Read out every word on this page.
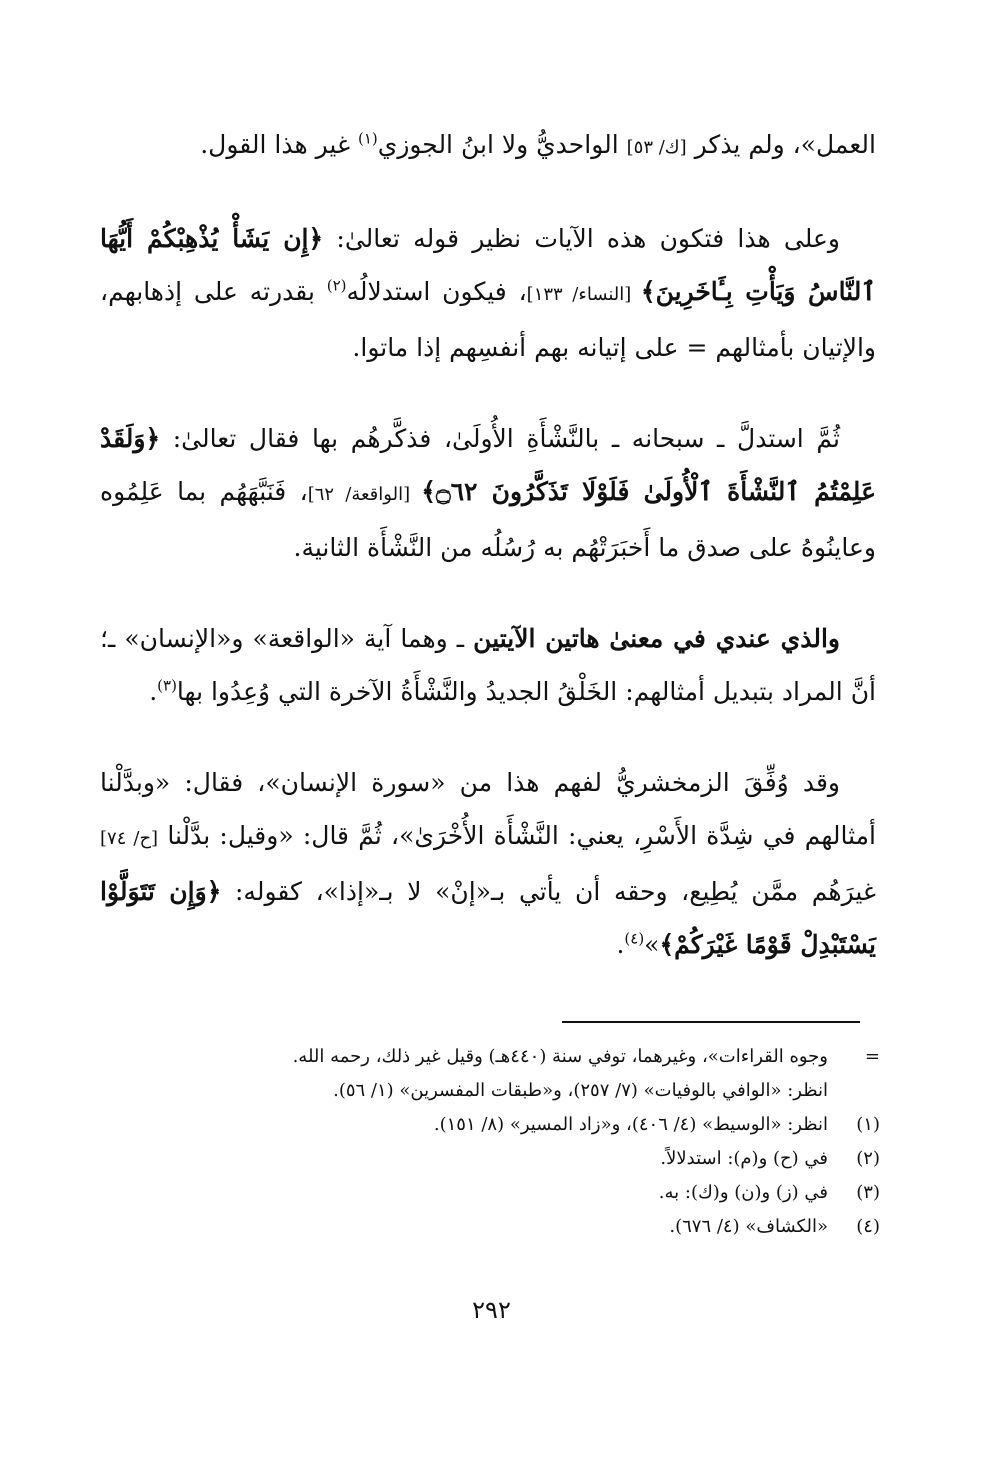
العمل»، ولم يذكر [ك/ ٥٣] الواحديُّ ولا ابنُ الجوزي$^{(١)}$ غير هذا القول.

وعلى هذا فتكون هذه الآيات نظير قوله تعالىٰ: ﴿إِن يَشَأْ يُذْهِبْكُمْ أَيُّهَا ٱلنَّاسُ وَيَأْتِ بِـَٔاخَرِينَ﴾ [النساء/ ١٣٣]، فيكون استدلالُه$^{(٢)}$ بقدرته على إذهابهم، والإتيان بأمثالهم = على إتيانه بهم أنفسِهم إذا ماتوا.

ثُمَّ استدلَّ ـ سبحانه ـ بالنَّشْأَةِ الأُولَىٰ، فذكَّرهُم بها فقال تعالىٰ: ﴿وَلَقَدْ عَلِمْتُمُ ٱلنَّشْأَةَ ٱلْأُولَىٰ فَلَوْلَا تَذَكَّرُونَ ۝٦٢﴾ [الواقعة/ ٦٢]، فَنَبَّهَهُم بما عَلِمُوه وعاينُوهُ على صدق ما أَخبَرَتْهُم به رُسُلُه من النَّشْأَة الثانية.

والذي عندي في معنىٰ هاتين الآيتين ـ وهما آية «الواقعة» و«الإنسان» ـ؛ أنَّ المراد بتبديل أمثالهم: الخَلْقُ الجديدُ والنَّشْأَةُ الآخرة التي وُعِدُوا بها$^{(٣)}$.

وقد وُفِّقَ الزمخشريُّ لفهم هذا من «سورة الإنسان»، فقال: «وبدَّلْنا أمثالهم في شِدَّة الأَسْرِ، يعني: النَّشْأَة الأُخْرَىٰ»، ثُمَّ قال: «وقيل: بدَّلْنا [ح/ ٧٤] غيرَهُم ممَّن يُطِيع، وحقه أن يأتي بـ«إنْ» لا بـ«إذا»، كقوله: ﴿وَإِن تَتَوَلَّوْا يَسْتَبْدِلْ قَوْمًا غَيْرَكُمْ﴾»$^{(٤)}$.

=
وجوه القراءات»، وغيرهما، توفي سنة (٤٤٠هـ) وقيل غير ذلك، رحمه الله.
انظر: «الوافي بالوفيات» (٧/ ٢٥٧)، و«طبقات المفسرين» (١/ ٥٦).
(١)
انظر: «الوسيط» (٤/ ٤٠٦)، و«زاد المسير» (٨/ ١٥١).
(٢)
في (ح) و(م): استدلالاً.
(٣)
في (ز) و(ن) و(ك): به.
(٤)
«الكشاف» (٤/ ٦٧٦).
٢٩٢
